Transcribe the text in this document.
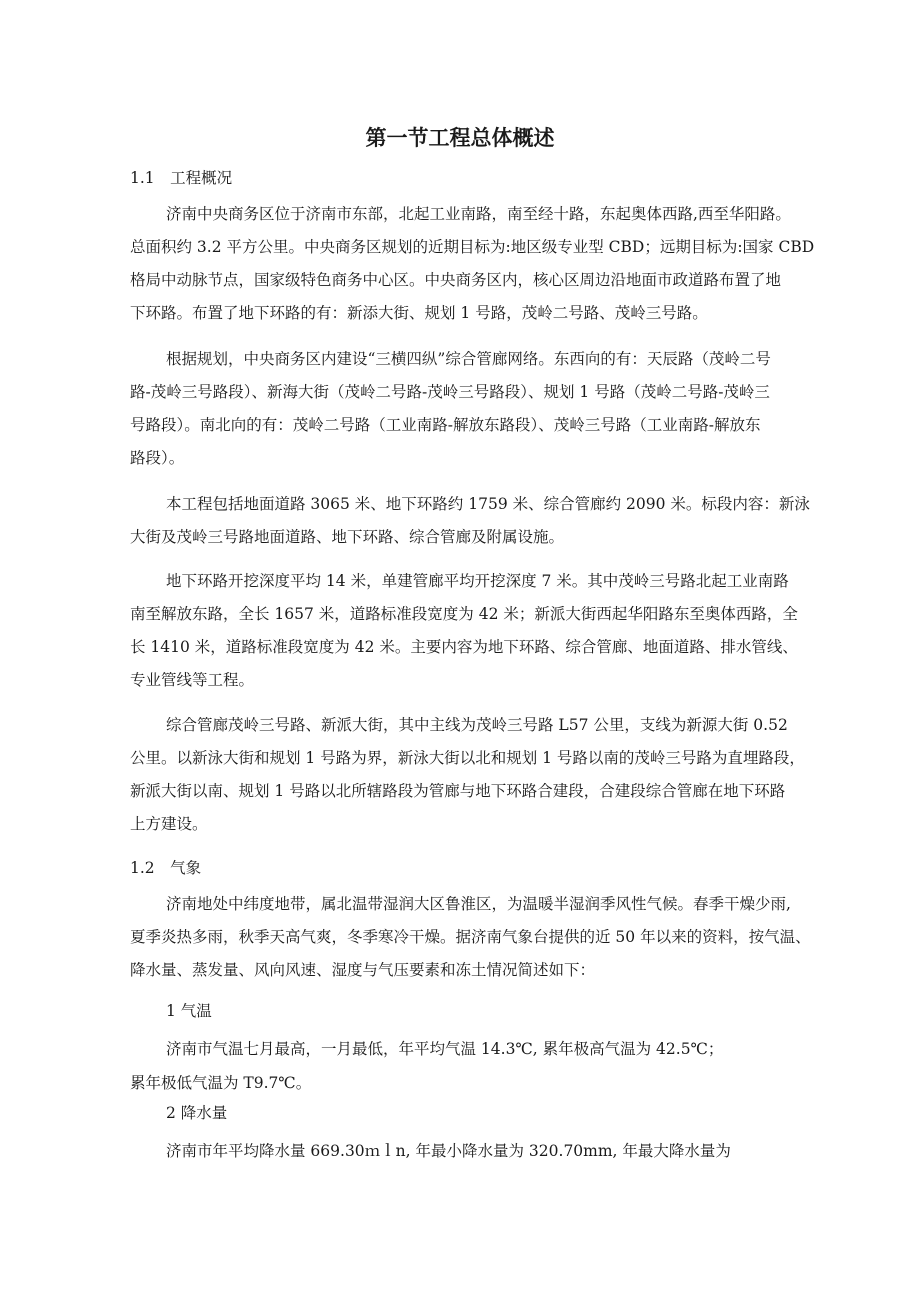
第一节工程总体概述
1.1　工程概况
济南中央商务区位于济南市东部，北起工业南路，南至经十路，东起奥体西路,西至华阳路。
总面积约 3.2 平方公里。中央商务区规划的近期目标为:地区级专业型 CBD；远期目标为:国家 CBD
格局中动脉节点，国家级特色商务中心区。中央商务区内，核心区周边沿地面市政道路布置了地
下环路。布置了地下环路的有：新添大街、规划 1 号路，茂岭二号路、茂岭三号路。
根据规划，中央商务区内建设“三横四纵”综合管廊网络。东西向的有：天辰路（茂岭二号
路-茂岭三号路段）、新海大街（茂岭二号路-茂岭三号路段）、规划 1 号路（茂岭二号路-茂岭三
号路段）。南北向的有：茂岭二号路（工业南路-解放东路段）、茂岭三号路（工业南路-解放东
路段）。
本工程包括地面道路 3065 米、地下环路约 1759 米、综合管廊约 2090 米。标段内容：新泳
大街及茂岭三号路地面道路、地下环路、综合管廊及附属设施。
地下环路开挖深度平均 14 米，单建管廊平均开挖深度 7 米。其中茂岭三号路北起工业南路
南至解放东路，全长 1657 米，道路标准段宽度为 42 米；新派大街西起华阳路东至奥体西路，全
长 1410 米，道路标准段宽度为 42 米。主要内容为地下环路、综合管廊、地面道路、排水管线、
专业管线等工程。
综合管廊茂岭三号路、新派大街，其中主线为茂岭三号路 L57 公里，支线为新源大街 0.52
公里。以新泳大街和规划 1 号路为界，新泳大街以北和规划 1 号路以南的茂岭三号路为直埋路段，
新派大街以南、规划 1 号路以北所辖路段为管廊与地下环路合建段，合建段综合管廊在地下环路
上方建设。
1.2　气象
济南地处中纬度地带，属北温带湿润大区鲁淮区，为温暖半湿润季风性气候。春季干燥少雨,
夏季炎热多雨，秋季天高气爽，冬季寒冷干燥。据济南气象台提供的近 50 年以来的资料，按气温、
降水量、蒸发量、风向风速、湿度与气压要素和冻土情况简述如下：
1 气温
济南市气温七月最高，一月最低，年平均气温 14.3℃, 累年极高气温为 42.5℃；
累年极低气温为 T9.7℃。
2 降水量
济南市年平均降水量 669.30ｍｌn, 年最小降水量为 320.70mm, 年最大降水量为
